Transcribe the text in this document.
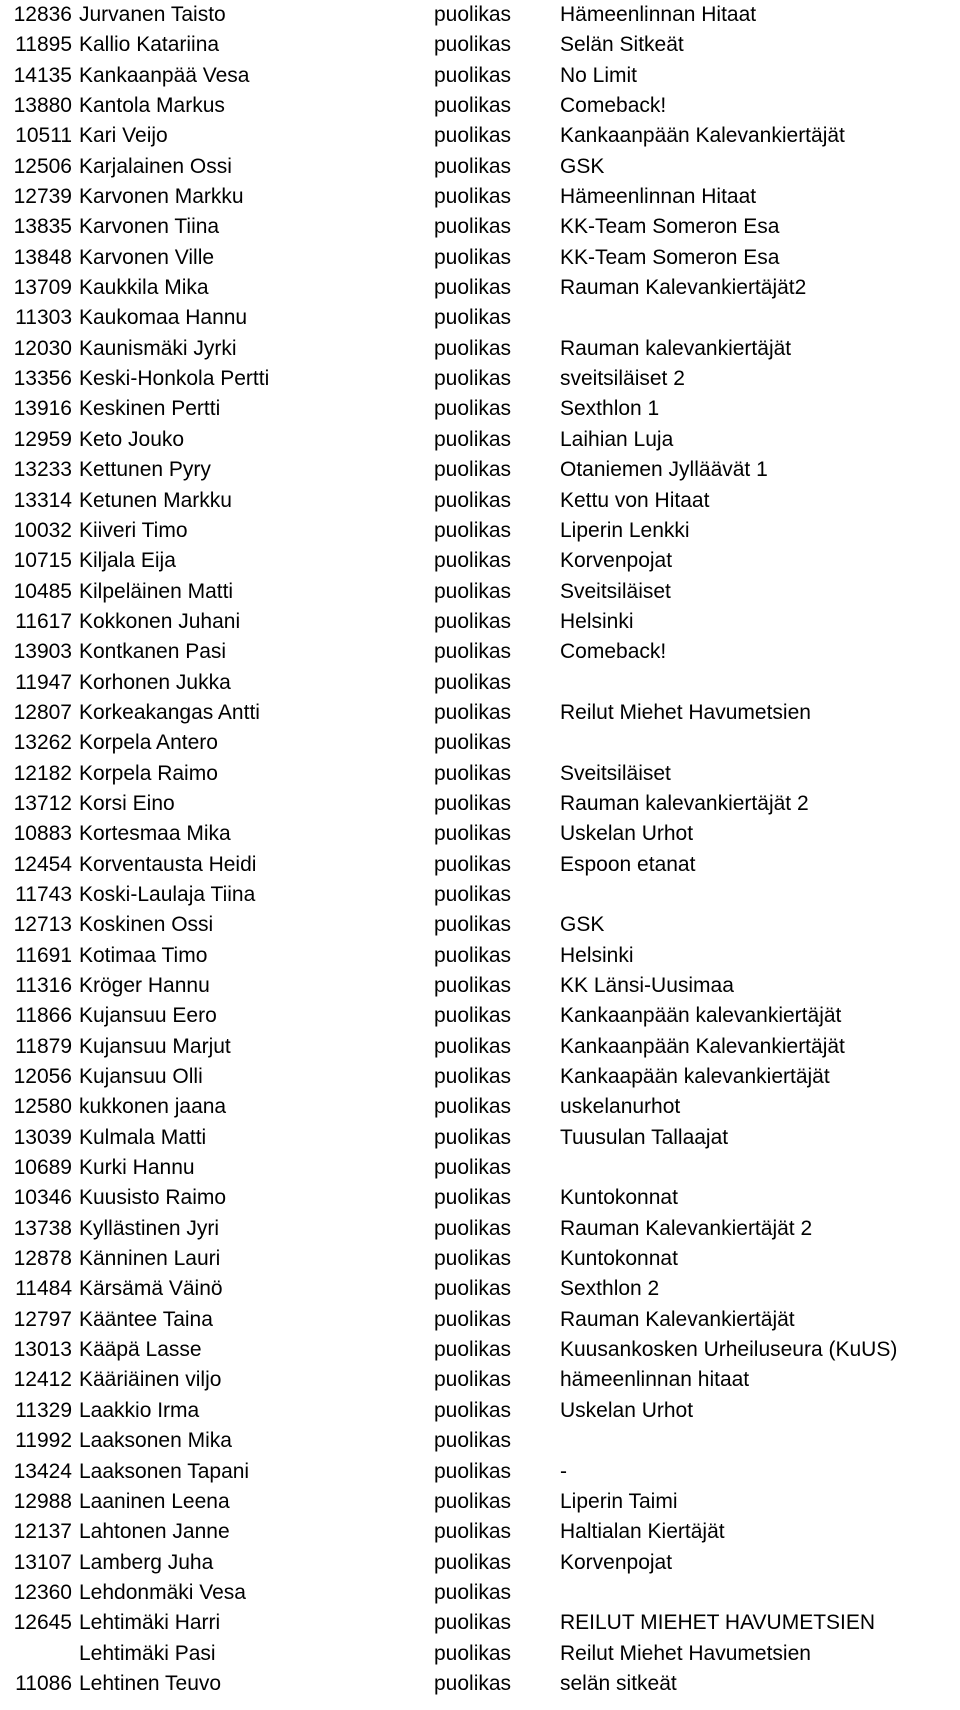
12836 Jurvanen Taisto	puolikas Hämeenlinnan Hitaat
11895 Kallio Katariina	puolikas Selän Sitkeät
14135 Kankaanpää Vesa	puolikas No Limit
13880 Kantola Markus	puolikas Comeback!
10511 Kari Veijo	puolikas Kankaanpään Kalevankiertäjät
12506 Karjalainen Ossi	puolikas GSK
12739 Karvonen Markku	puolikas Hämeenlinnan Hitaat
13835 Karvonen Tiina	puolikas KK-Team Someron Esa
13848 Karvonen Ville	puolikas KK-Team Someron Esa
13709 Kaukkila Mika	puolikas Rauman Kalevankiertäjät2
11303 Kaukomaa Hannu	puolikas
12030 Kaunismäki Jyrki	puolikas Rauman kalevankiertäjät
13356 Keski-Honkola Pertti	puolikas sveitsiläiset 2
13916 Keskinen Pertti	puolikas Sexthlon 1
12959 Keto Jouko	puolikas Laihian Luja
13233 Kettunen Pyry	puolikas Otaniemen Jylläävät 1
13314 Ketunen Markku	puolikas Kettu von Hitaat
10032 Kiiveri Timo	puolikas Liperin Lenkki
10715 Kiljala Eija	puolikas Korvenpojat
10485 Kilpeläinen Matti	puolikas Sveitsiläiset
11617 Kokkonen Juhani	puolikas Helsinki
13903 Kontkanen Pasi	puolikas Comeback!
11947 Korhonen Jukka	puolikas
12807 Korkeakangas Antti	puolikas Reilut Miehet Havumetsien
13262 Korpela Antero	puolikas
12182 Korpela Raimo	puolikas Sveitsiläiset
13712 Korsi Eino	puolikas Rauman kalevankiertäjät 2
10883 Kortesmaa Mika	puolikas Uskelan Urhot
12454 Korventausta Heidi	puolikas Espoon etanat
11743 Koski-Laulaja Tiina	puolikas
12713 Koskinen Ossi	puolikas GSK
11691 Kotimaa Timo	puolikas Helsinki
11316 Kröger Hannu	puolikas KK Länsi-Uusimaa
11866 Kujansuu Eero	puolikas Kankaanpään kalevankiertäjät
11879 Kujansuu Marjut	puolikas Kankaanpään Kalevankiertäjät
12056 Kujansuu Olli	puolikas Kankaapään kalevankiertäjät
12580 kukkonen jaana	puolikas uskelanurhot
13039 Kulmala Matti	puolikas Tuusulan Tallaajat
10689 Kurki Hannu	puolikas
10346 Kuusisto Raimo	puolikas Kuntokonnat
13738 Kyllästinen Jyri	puolikas Rauman Kalevankiertäjät 2
12878 Känninen Lauri	puolikas Kuntokonnat
11484 Kärsämä Väinö	puolikas Sexthlon 2
12797 Kääntee Taina	puolikas Rauman Kalevankiertäjät
13013 Kääpä Lasse	puolikas Kuusankosken Urheiluseura (KuUS)
12412 Kääriäinen viljo	puolikas hämeenlinnan hitaat
11329 Laakkio Irma	puolikas Uskelan Urhot
11992 Laaksonen Mika	puolikas
13424 Laaksonen Tapani	puolikas -
12988 Laaninen Leena	puolikas Liperin Taimi
12137 Lahtonen Janne	puolikas Haltialan Kiertäjät
13107 Lamberg Juha	puolikas Korvenpojat
12360 Lehdonmäki Vesa	puolikas
12645 Lehtimäki Harri	puolikas REILUT MIEHET HAVUMETSIEN
Lehtimäki Pasi	puolikas Reilut Miehet Havumetsien
11086 Lehtinen Teuvo	puolikas selän sitkeät
